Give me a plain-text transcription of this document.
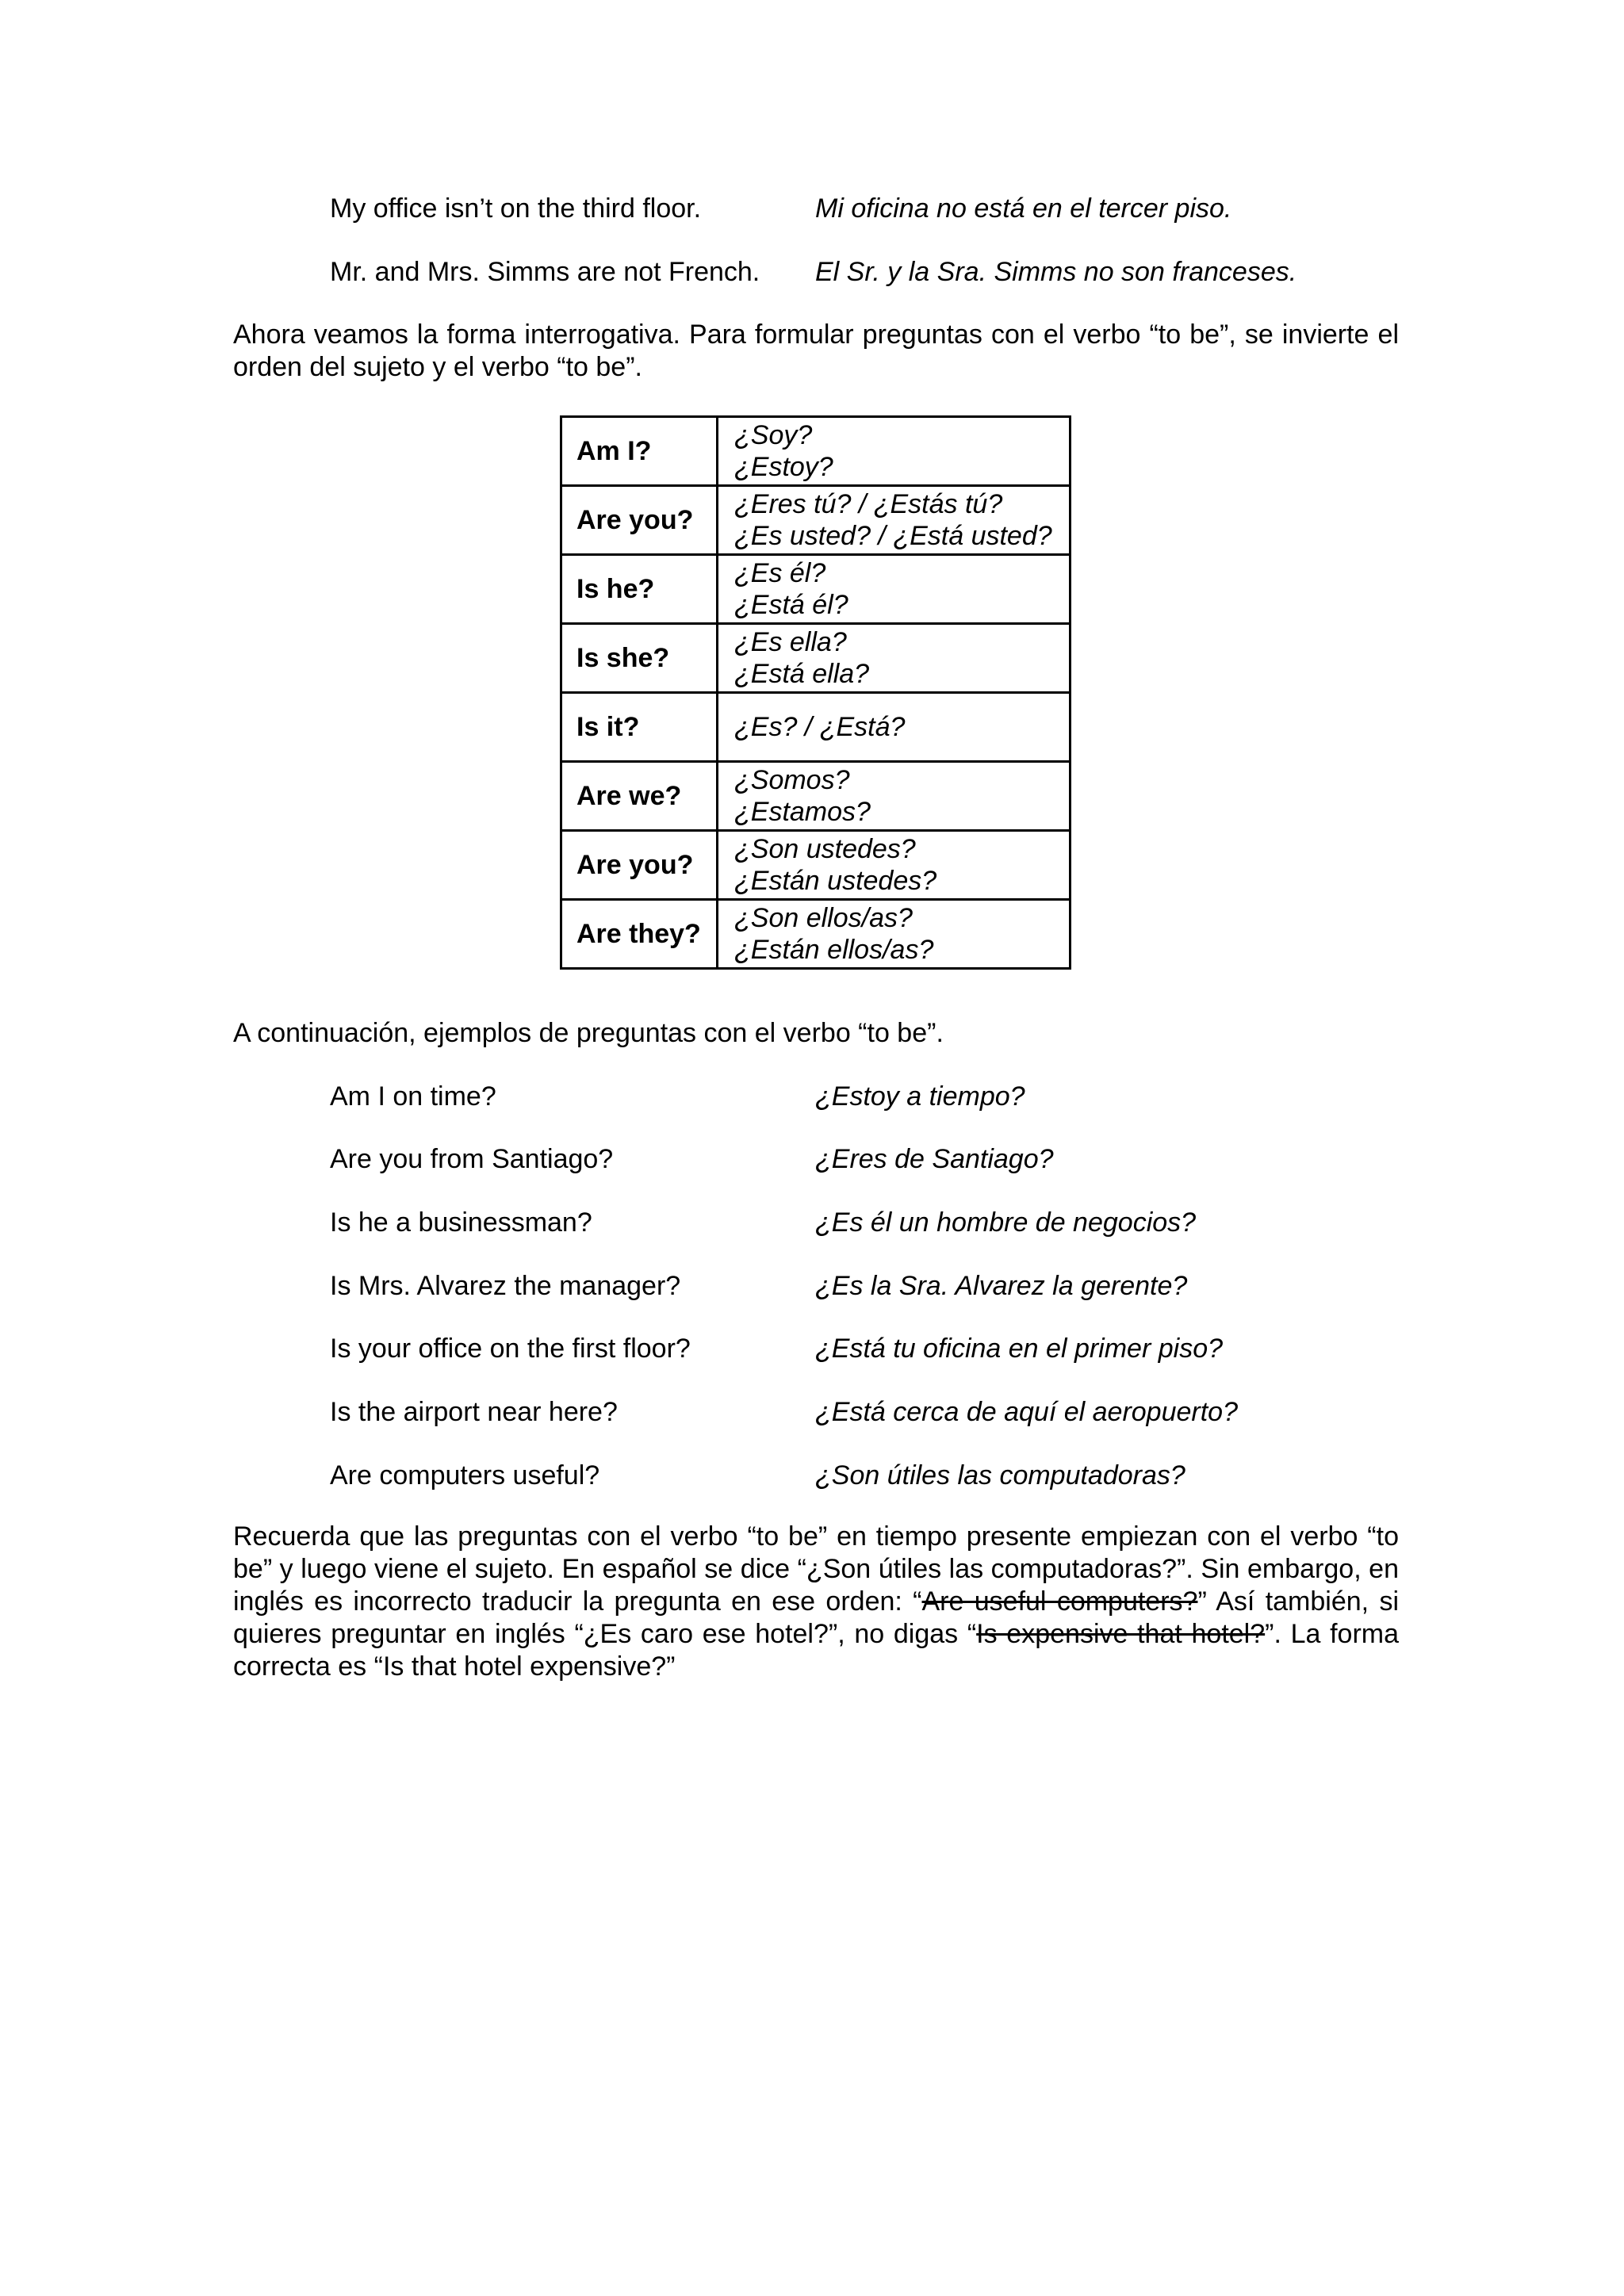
My office isn’t on the third floor.	Mi oficina no está en el tercer piso.
Mr. and Mrs. Simms are not French. El Sr. y la Sra. Simms no son franceses.

Ahora veamos la forma interrogativa. Para formular preguntas con el verbo “to be”, se invierte el orden del sujeto y el verbo “to be”.

Am I?	¿Soy?
¿Estoy?

Are you?	¿Eres tú? / ¿Estás tú?
¿Es usted? / ¿Está usted?

Is he?	¿Es él?
¿Está él?

Is she?	¿Es ella?
¿Está ella?

Is it?	¿Es? / ¿Está?

Are we?	¿Somos?
¿Estamos?

Are you?	¿Son ustedes?
¿Están ustedes?

Are they?	¿Son ellos/as?
¿Están ellos/as?
A continuación, ejemplos de preguntas con el verbo “to be”.
Am I on time?	¿Estoy a tiempo?
Are you from Santiago?	¿Eres de Santiago?
Is he a businessman?	¿Es él un hombre de negocios?
Is Mrs. Alvarez the manager?	¿Es la Sra. Alvarez la gerente?
Is your office on the first floor?	¿Está tu oficina en el primer piso?
Is the airport near here?	¿Está cerca de aquí el aeropuerto?
Are computers useful?	¿Son útiles las computadoras?

Recuerda que las preguntas con el verbo “to be” en tiempo presente empiezan con el verbo “to be” y luego viene el sujeto. En español se dice “¿Son útiles las computadoras?”. Sin embargo, en inglés es incorrecto traducir la pregunta en ese orden: “Are useful computers?” Así también, si quieres preguntar en inglés “¿Es caro ese hotel?”, no digas “Is expensive that hotel?”. La forma correcta es “Is that hotel expensive?”
